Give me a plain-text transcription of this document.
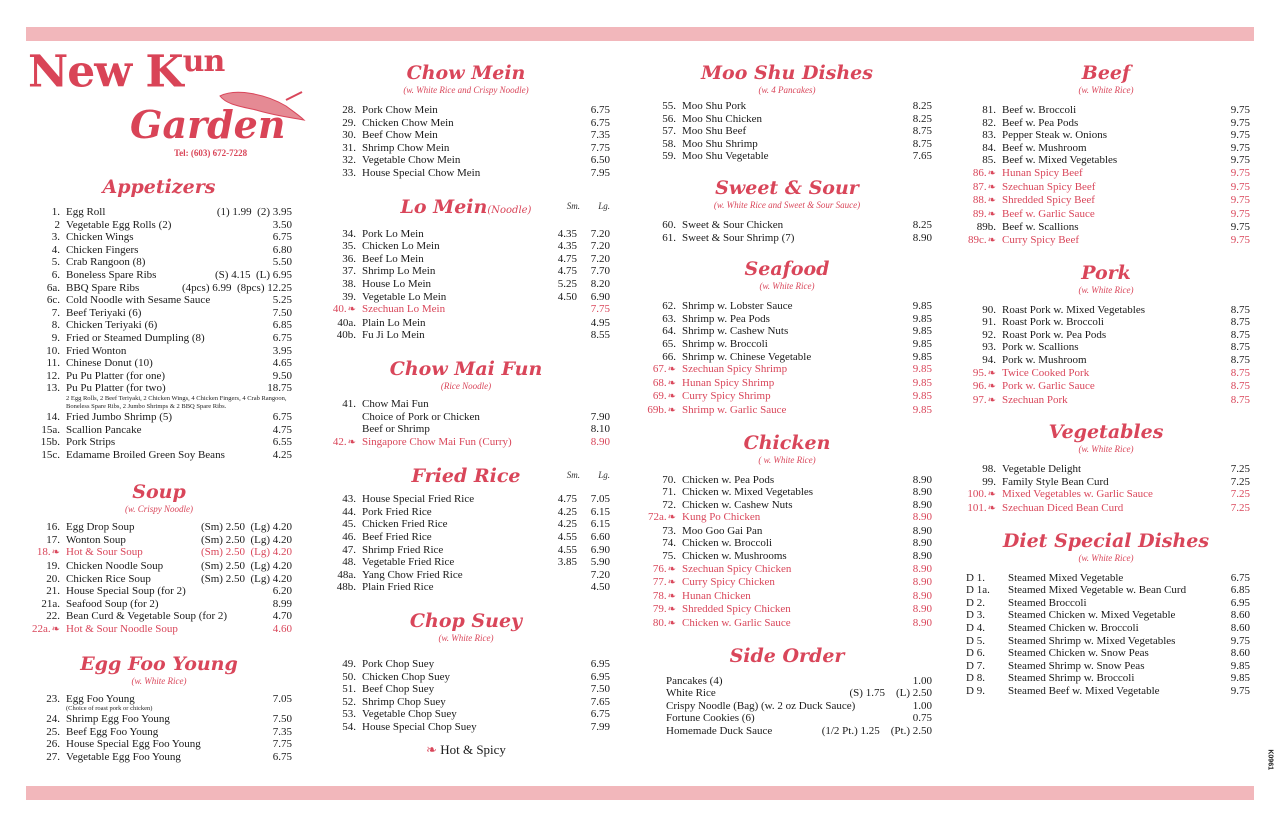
New $K^{un}$
Garden
Tel: (603) 672-7228
Appetizers
1. Egg Roll	(1) 1.99  (2) 3.95
2 Vegetable Egg Rolls (2)	3.50
3. Chicken Wings	6.75
4. Chicken Fingers	6.80
5. Crab Rangoon (8)	5.50
6. Boneless Spare Ribs	(S) 4.15  (L) 6.95
6a. BBQ Spare Ribs	(4pcs) 6.99  (8pcs) 12.25
6c. Cold Noodle with Sesame Sauce	5.25
7. Beef Teriyaki (6)	7.50
8. Chicken Teriyaki (6)	6.85
9. Fried or Steamed Dumpling (8)	6.75
10. Fried Wonton	3.95
11. Chinese Donut (10)	4.65
12. Pu Pu Platter (for one)	9.50
13. Pu Pu Platter (for two)	18.75
2 Egg Rolls, 2 Beef Teriyaki, 2 Chicken Wings, 4 Chicken Fingers, 4 Crab Rangoon, Boneless Spare Ribs, 2 Jumbo Shrimps & 2 BBQ Spare Ribs.
14. Fried Jumbo Shrimp (5)	6.75
15a. Scallion Pancake	4.75
15b. Pork Strips	6.55
15c. Edamame Broiled Green Soy Beans	4.25
Soup
(w. Crispy Noodle)
16. Egg Drop Soup	(Sm) 2.50  (Lg) 4.20
17. Wonton Soup	(Sm) 2.50  (Lg) 4.20
18. ❧	Hot & Sour Soup	(Sm) 2.50  (Lg) 4.20
19. Chicken Noodle Soup	(Sm) 2.50  (Lg) 4.20
20. Chicken Rice Soup	(Sm) 2.50  (Lg) 4.20
21. House Special Soup (for 2)	6.20
21a. Seafood Soup (for 2)	8.99
22. Bean Curd & Vegetable Soup (for 2)	4.70
22a. ❧	Hot & Sour Noodle Soup	4.60
Egg Foo Young
(w. White Rice)
23. Egg Foo Young	7.05
(Choice of roast pork or chicken)
24. Shrimp Egg Foo Young	7.50
25. Beef Egg Foo Young	7.35
26. House Special Egg Foo Young	7.75
27. Vegetable Egg Foo Young	6.75
Chow Mein
(w. White Rice and Crispy Noodle)
28. Pork Chow Mein	6.75
29. Chicken Chow Mein	6.75
30. Beef Chow Mein	7.35
31. Shrimp Chow Mein	7.75
32. Vegetable Chow Mein	6.50
33. House Special Chow Mein	7.95
Lo Mein(Noodle)	Sm. Lg.
34. Pork Lo Mein	4.35     7.20
35. Chicken Lo Mein	4.35     7.20
36. Beef Lo Mein	4.75     7.20
37. Shrimp Lo Mein	4.75     7.70
38. House Lo Mein	5.25     8.20
39. Vegetable Lo Mein	4.50     6.90
40. ❧	Szechuan Lo Mein	7.75
40a. Plain Lo Mein	4.95
40b. Fu Ji Lo Mein	8.55
Chow Mai Fun
(Rice Noodle)
41. Chow Mai Fun
Choice of Pork or Chicken	7.90
Beef or Shrimp	8.10
42. ❧	Singapore Chow Mai Fun (Curry)	8.90
Fried Rice	Sm. Lg.
43. House Special Fried Rice	4.75     7.05
44. Pork Fried Rice	4.25     6.15
45. Chicken Fried Rice	4.25     6.15
46. Beef Fried Rice	4.55     6.60
47. Shrimp Fried Rice	4.55     6.90
48. Vegetable Fried Rice	3.85     5.90
48a. Yang Chow Fried Rice	7.20
48b. Plain Fried Rice	4.50
Chop Suey
(w. White Rice)
49. Pork Chop Suey	6.95
50. Chicken Chop Suey	6.95
51. Beef Chop Suey	7.50
52. Shrimp Chop Suey	7.65
53. Vegetable Chop Suey	6.75
54. House Special Chop Suey	7.99
❧ Hot & Spicy
Moo Shu Dishes
(w. 4 Pancakes)
55. Moo Shu Pork	8.25
56. Moo Shu Chicken	8.25
57. Moo Shu Beef	8.75
58. Moo Shu Shrimp	8.75
59. Moo Shu Vegetable	7.65
Sweet & Sour
(w. White Rice and Sweet & Sour Sauce)
60. Sweet & Sour Chicken	8.25
61. Sweet & Sour Shrimp (7)	8.90
Seafood
(w. White Rice)
62. Shrimp w. Lobster Sauce	9.85
63. Shrimp w. Pea Pods	9.85
64. Shrimp w. Cashew Nuts	9.85
65. Shrimp w. Broccoli	9.85
66. Shrimp w. Chinese Vegetable	9.85
67. ❧	Szechuan Spicy Shrimp	9.85
68. ❧	Hunan Spicy Shrimp	9.85
69. ❧	Curry Spicy Shrimp	9.85
69b. ❧	Shrimp w. Garlic Sauce	9.85
Chicken
( w. White Rice)
70. Chicken w. Pea Pods	8.90
71. Chicken w. Mixed Vegetables	8.90
72. Chicken w. Cashew Nuts	8.90
72a. ❧	Kung Po Chicken	8.90
73. Moo Goo Gai Pan	8.90
74. Chicken w. Broccoli	8.90
75. Chicken w. Mushrooms	8.90
76. ❧	Szechuan Spicy Chicken	8.90
77. ❧	Curry Spicy Chicken	8.90
78. ❧	Hunan Chicken	8.90
79. ❧	Shredded Spicy Chicken	8.90
80. ❧	Chicken w. Garlic Sauce	8.90
Side Order
Pancakes (4)	1.00
White Rice	(S) 1.75    (L) 2.50
Crispy Noodle (Bag) (w. 2 oz Duck Sauce)	1.00
Fortune Cookies (6)	0.75
Homemade Duck Sauce	(1/2 Pt.) 1.25    (Pt.) 2.50
Beef
(w. White Rice)
81. Beef w. Broccoli	9.75
82. Beef w. Pea Pods	9.75
83. Pepper Steak w. Onions	9.75
84. Beef w. Mushroom	9.75
85. Beef w. Mixed Vegetables	9.75
86. ❧	Hunan Spicy Beef	9.75
87. ❧	Szechuan Spicy Beef	9.75
88. ❧	Shredded Spicy Beef	9.75
89. ❧	Beef w. Garlic Sauce	9.75
89b. Beef w. Scallions	9.75
89c. ❧	Curry Spicy Beef	9.75
Pork
(w. White Rice)
90. Roast Pork w. Mixed Vegetables	8.75
91. Roast Pork w. Broccoli	8.75
92. Roast Pork w. Pea Pods	8.75
93. Pork w. Scallions	8.75
94. Pork w. Mushroom	8.75
95. ❧	Twice Cooked Pork	8.75
96. ❧	Pork w. Garlic Sauce	8.75
97. ❧	Szechuan Pork	8.75
Vegetables
(w. White Rice)
98. Vegetable Delight	7.25
99. Family Style Bean Curd	7.25
100. ❧	Mixed Vegetables w. Garlic Sauce	7.25
101. ❧	Szechuan Diced Bean Curd	7.25
Diet Special Dishes
(w. White Rice)
D 1.	Steamed Mixed Vegetable	6.75
D 1a.	Steamed Mixed Vegetable w. Bean Curd	6.85
D 2.	Steamed Broccoli	6.95
D 3.	Steamed Chicken w. Mixed Vegetable	8.60
D 4.	Steamed Chicken w. Broccoli	8.60
D 5.	Steamed Shrimp w. Mixed Vegetables	9.75
D 6.	Steamed Chicken w. Snow Peas	8.60
D 7.	Steamed Shrimp w. Snow Peas	9.85
D 8.	Steamed Shrimp w. Broccoli	9.85
D 9.	Steamed Beef w. Mixed Vegetable	9.75
K0961
